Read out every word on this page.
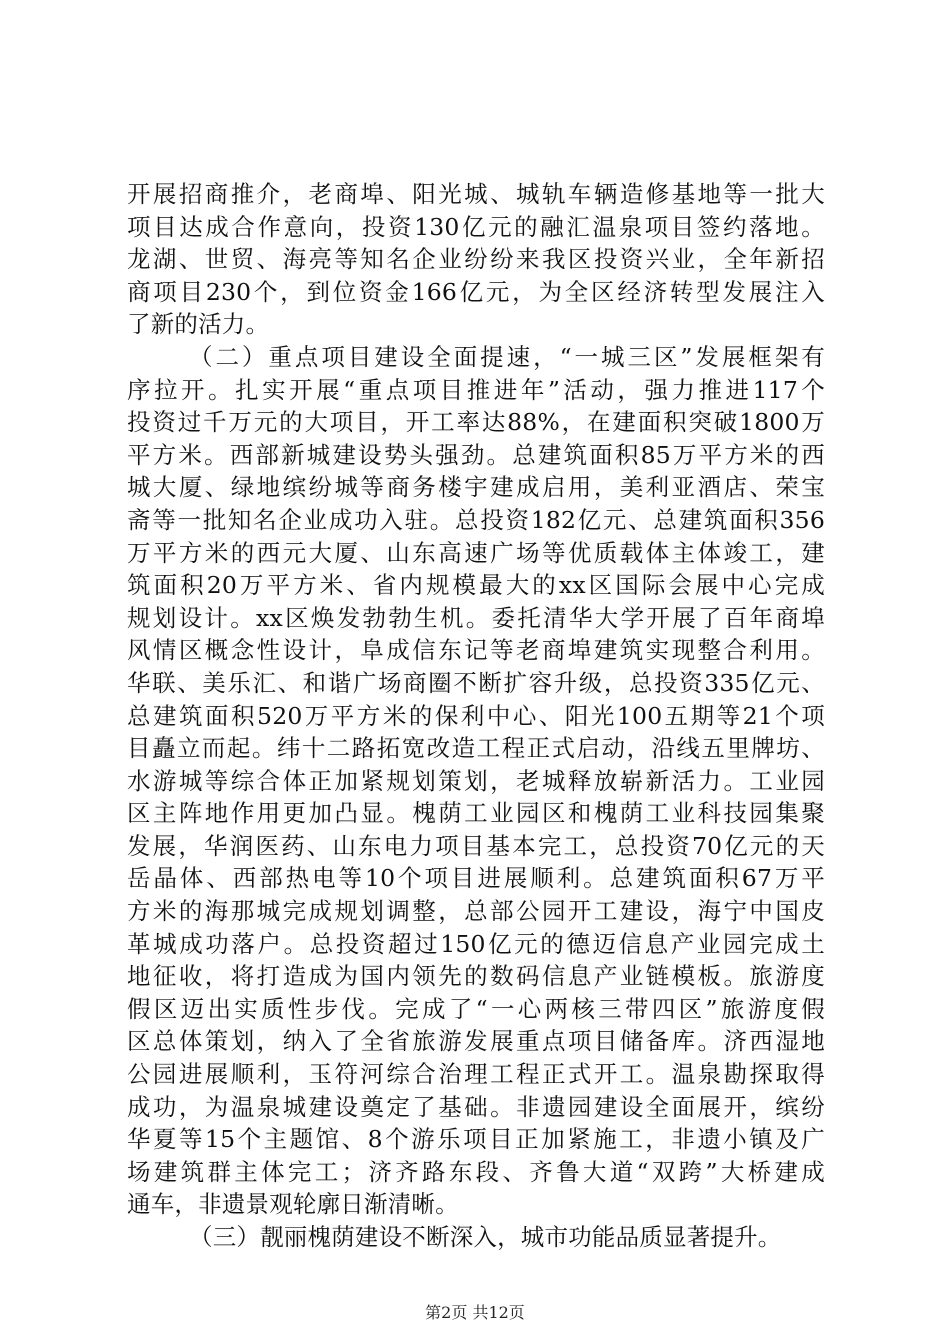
开展招商推介，老商埠、阳光城、城轨车辆造修基地等一批大
项目达成合作意向，投资130亿元的融汇温泉项目签约落地。
龙湖、世贸、海亮等知名企业纷纷来我区投资兴业，全年新招
商项目230个，到位资金166亿元，为全区经济转型发展注入
了新的活力。
（二）重点项目建设全面提速，“一城三区”发展框架有
序拉开。扎实开展“重点项目推进年”活动，强力推进117个
投资过千万元的大项目，开工率达88%，在建面积突破1800万
平方米。西部新城建设势头强劲。总建筑面积85万平方米的西
城大厦、绿地缤纷城等商务楼宇建成启用，美利亚酒店、荣宝
斋等一批知名企业成功入驻。总投资182亿元、总建筑面积356
万平方米的西元大厦、山东高速广场等优质载体主体竣工，建
筑面积20万平方米、省内规模最大的xx区国际会展中心完成
规划设计。xx区焕发勃勃生机。委托清华大学开展了百年商埠
风情区概念性设计，阜成信东记等老商埠建筑实现整合利用。
华联、美乐汇、和谐广场商圈不断扩容升级，总投资335亿元、
总建筑面积520万平方米的保利中心、阳光100五期等21个项
目矗立而起。纬十二路拓宽改造工程正式启动，沿线五里牌坊、
水游城等综合体正加紧规划策划，老城释放崭新活力。工业园
区主阵地作用更加凸显。槐荫工业园区和槐荫工业科技园集聚
发展，华润医药、山东电力项目基本完工，总投资70亿元的天
岳晶体、西部热电等10个项目进展顺利。总建筑面积67万平
方米的海那城完成规划调整，总部公园开工建设，海宁中国皮
革城成功落户。总投资超过150亿元的德迈信息产业园完成土
地征收，将打造成为国内领先的数码信息产业链模板。旅游度
假区迈出实质性步伐。完成了“一心两核三带四区”旅游度假
区总体策划，纳入了全省旅游发展重点项目储备库。济西湿地
公园进展顺利，玉符河综合治理工程正式开工。温泉勘探取得
成功，为温泉城建设奠定了基础。非遗园建设全面展开，缤纷
华夏等15个主题馆、8个游乐项目正加紧施工，非遗小镇及广
场建筑群主体完工；济齐路东段、齐鲁大道“双跨”大桥建成
通车，非遗景观轮廓日渐清晰。
（三）靓丽槐荫建设不断深入，城市功能品质显著提升。
第2页 共12页
